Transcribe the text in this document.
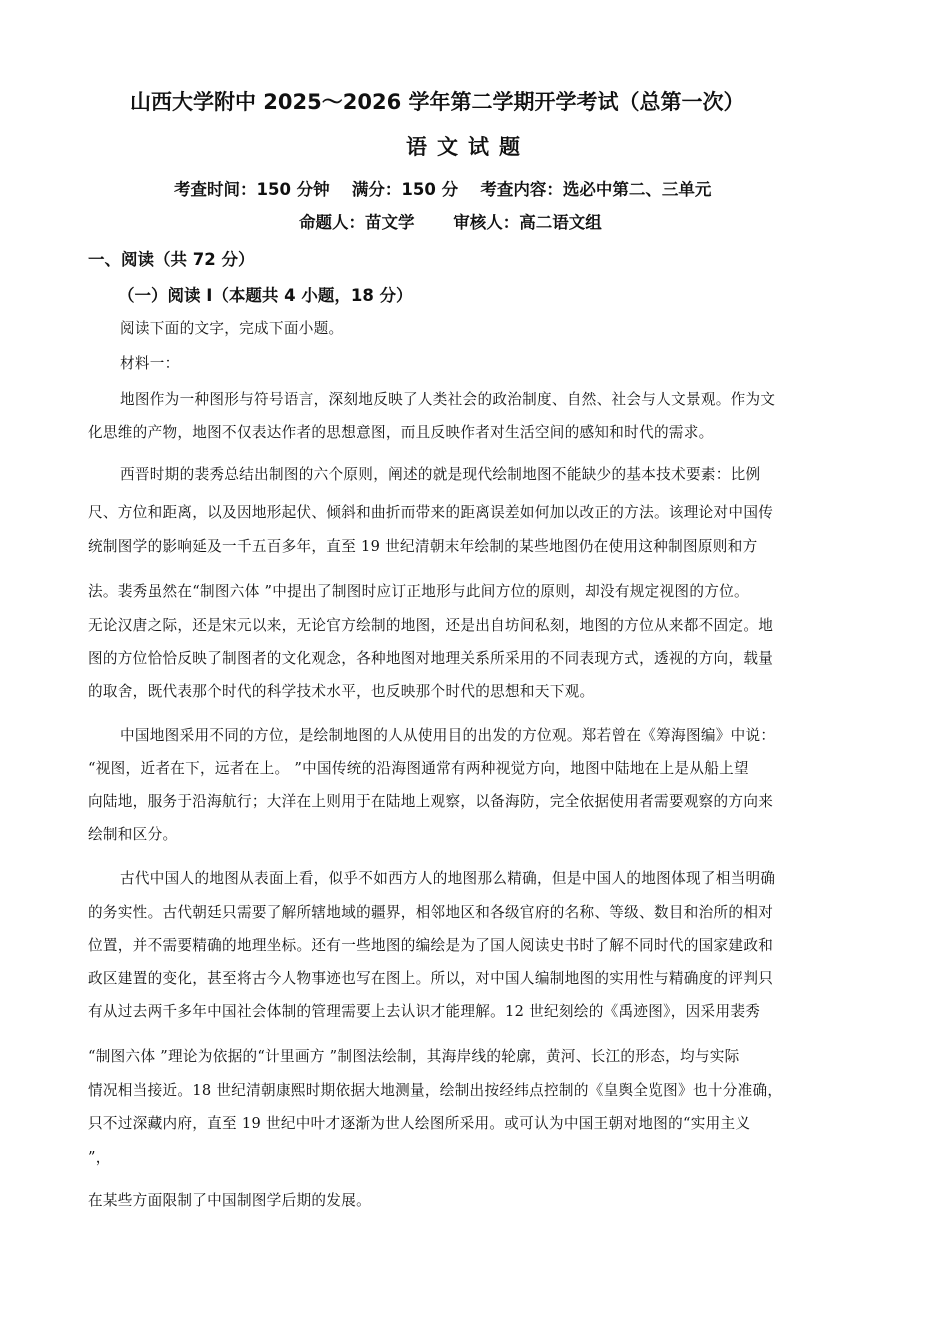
山西大学附中 2025～2026 学年第二学期开学考试（总第一次）
语文试题
考查时间：150 分钟　 满分：150 分　 考查内容：选必中第二、三单元
命题人：苗文学　　 审核人：高二语文组
一、阅读（共 72 分）
（一）阅读 Ⅰ（本题共 4 小题，18 分）
阅读下面的文字，完成下面小题。
材料一：
地图作为一种图形与符号语言，深刻地反映了人类社会的政治制度、自然、社会与人文景观。作为文
化思维的产物，地图不仅表达作者的思想意图，而且反映作者对生活空间的感知和时代的需求。
西晋时期的裴秀总结出制图的六个原则，阐述的就是现代绘制地图不能缺少的基本技术要素：比例
尺、方位和距离，以及因地形起伏、倾斜和曲折而带来的距离误差如何加以改正的方法。该理论对中国传
统制图学的影响延及一千五百多年，直至 19 世纪清朝末年绘制的某些地图仍在使用这种制图原则和方
法。裴秀虽然在“制图六体 ”中提出了制图时应订正地形与此间方位的原则，却没有规定视图的方位。
无论汉唐之际，还是宋元以来，无论官方绘制的地图，还是出自坊间私刻，地图的方位从来都不固定。地
图的方位恰恰反映了制图者的文化观念，各种地图对地理关系所采用的不同表现方式，透视的方向，载量
的取舍，既代表那个时代的科学技术水平，也反映那个时代的思想和天下观。
中国地图采用不同的方位，是绘制地图的人从使用目的出发的方位观。郑若曾在《筹海图编》中说：
“视图，近者在下，远者在上。 ”中国传统的沿海图通常有两种视觉方向，地图中陆地在上是从船上望
向陆地，服务于沿海航行；大洋在上则用于在陆地上观察，以备海防，完全依据使用者需要观察的方向来
绘制和区分。
古代中国人的地图从表面上看，似乎不如西方人的地图那么精确，但是中国人的地图体现了相当明确
的务实性。古代朝廷只需要了解所辖地域的疆界，相邻地区和各级官府的名称、等级、数目和治所的相对
位置，并不需要精确的地理坐标。还有一些地图的编绘是为了国人阅读史书时了解不同时代的国家建政和
政区建置的变化，甚至将古今人物事迹也写在图上。所以，对中国人编制地图的实用性与精确度的评判只
有从过去两千多年中国社会体制的管理需要上去认识才能理解。12 世纪刻绘的《禹迹图》，因采用裴秀
“制图六体 ”理论为依据的“计里画方 ”制图法绘制，其海岸线的轮廓，黄河、长江的形态，均与实际
情况相当接近。18 世纪清朝康熙时期依据大地测量，绘制出按经纬点控制的《皇舆全览图》也十分准确，
只不过深藏内府，直至 19 世纪中叶才逐渐为世人绘图所采用。或可认为中国王朝对地图的“实用主义
”，
在某些方面限制了中国制图学后期的发展。
